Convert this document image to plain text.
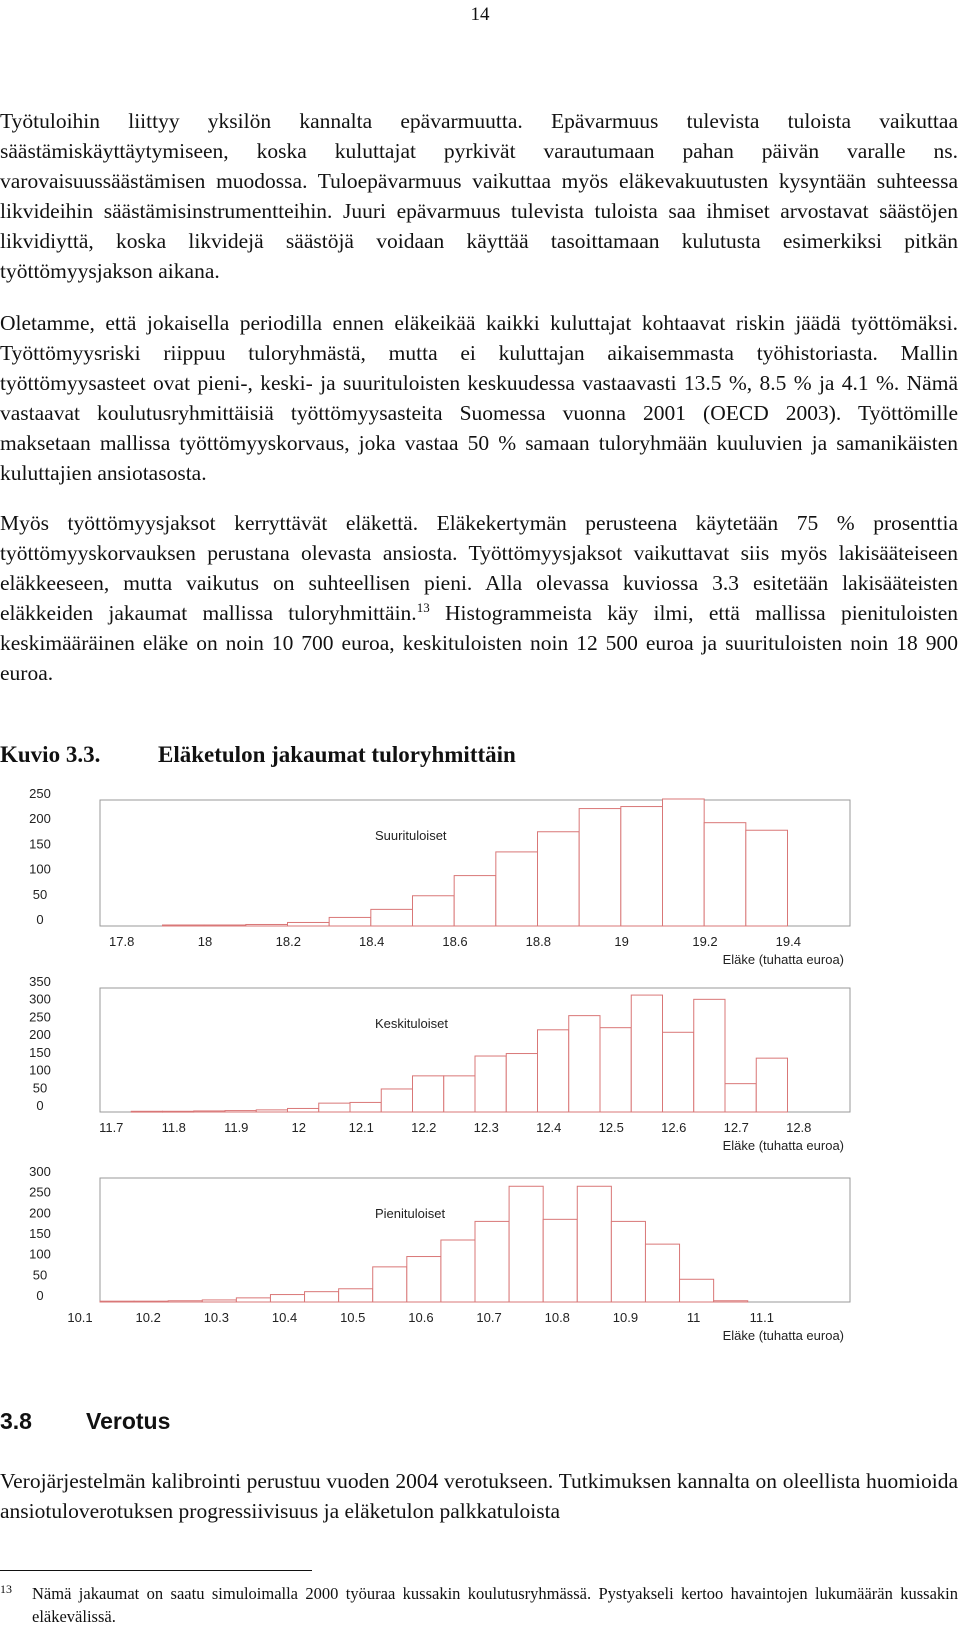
14

Työtuloihin liittyy yksilön kannalta epävarmuutta. Epävarmuus tulevista tuloista vaikuttaa säästämiskäyttäytymiseen, koska kuluttajat pyrkivät varautumaan pahan päivän varalle ns. varovaisuussäästämisen muodossa. Tuloepävarmuus vaikuttaa myös eläkevakuutusten kysyntään suhteessa likvideihin säästämisinstrumentteihin. Juuri epävarmuus tulevista tuloista saa ihmiset arvostavat säästöjen likvidiyttä, koska likvidejä säästöjä voidaan käyttää tasoittamaan kulutusta esimerkiksi pitkän työttömyysjakson aikana.

Oletamme, että jokaisella periodilla ennen eläkeikää kaikki kuluttajat kohtaavat riskin jäädä työttömäksi. Työttömyysriski riippuu tuloryhmästä, mutta ei kuluttajan aikaisemmasta työhistoriasta. Mallin työttömyysasteet ovat pieni-, keski- ja suurituloisten keskuudessa vastaavasti 13.5 %, 8.5 % ja 4.1 %. Nämä vastaavat koulutusryhmittäisiä työttömyysasteita Suomessa vuonna 2001 (OECD 2003). Työttömille maksetaan mallissa työttömyyskorvaus, joka vastaa 50 % samaan tuloryhmään kuuluvien ja samanikäisten kuluttajien ansiotasosta.

Myös työttömyysjaksot kerryttävät eläkettä. Eläkekertymän perusteena käytetään 75 % prosenttia työttömyyskorvauksen perustana olevasta ansiosta. Työttömyysjaksot vaikuttavat siis myös lakisääteiseen eläkkeeseen, mutta vaikutus on suhteellisen pieni. Alla olevassa kuviossa 3.3 esitetään lakisääteisten eläkkeiden jakaumat mallissa tuloryhmittäin.$^{13}$ Histogrammeista käy ilmi, että mallissa pienituloisten keskimääräinen eläke on noin 10 700 euroa, keskituloisten noin 12 500 euroa ja suurituloisten noin 18 900 euroa.

Kuvio 3.3.	Eläketulon jakaumat tuloryhmittäin
0
50
100
150
200
250
17.8	18	18.2	18.4	18.6	18.8	19	19.2	19.4
Eläke (tuhatta euroa)
Suurituloiset
0
50
100
150
200
250
300
350
11.7	11.8	11.9	12	12.1	12.2	12.3	12.4	12.5	12.6	12.7	12.8
Eläke (tuhatta euroa)
Keskituloiset
0
50
100
150
200
250
300
10.1	10.2	10.3	10.4	10.5	10.6	10.7	10.8	10.9	11	11.1
Eläke (tuhatta euroa)
Pienituloiset
3.8 Verotus

Verojärjestelmän kalibrointi perustuu vuoden 2004 verotukseen. Tutkimuksen kannalta on oleellista huomioida ansiotuloverotuksen progressiivisuus ja eläketulon palkkatuloista

13 Nämä jakaumat on saatu simuloimalla 2000 työuraa kussakin koulutusryhmässä. Pystyakseli kertoo havaintojen lukumäärän kussakin eläkevälissä.
